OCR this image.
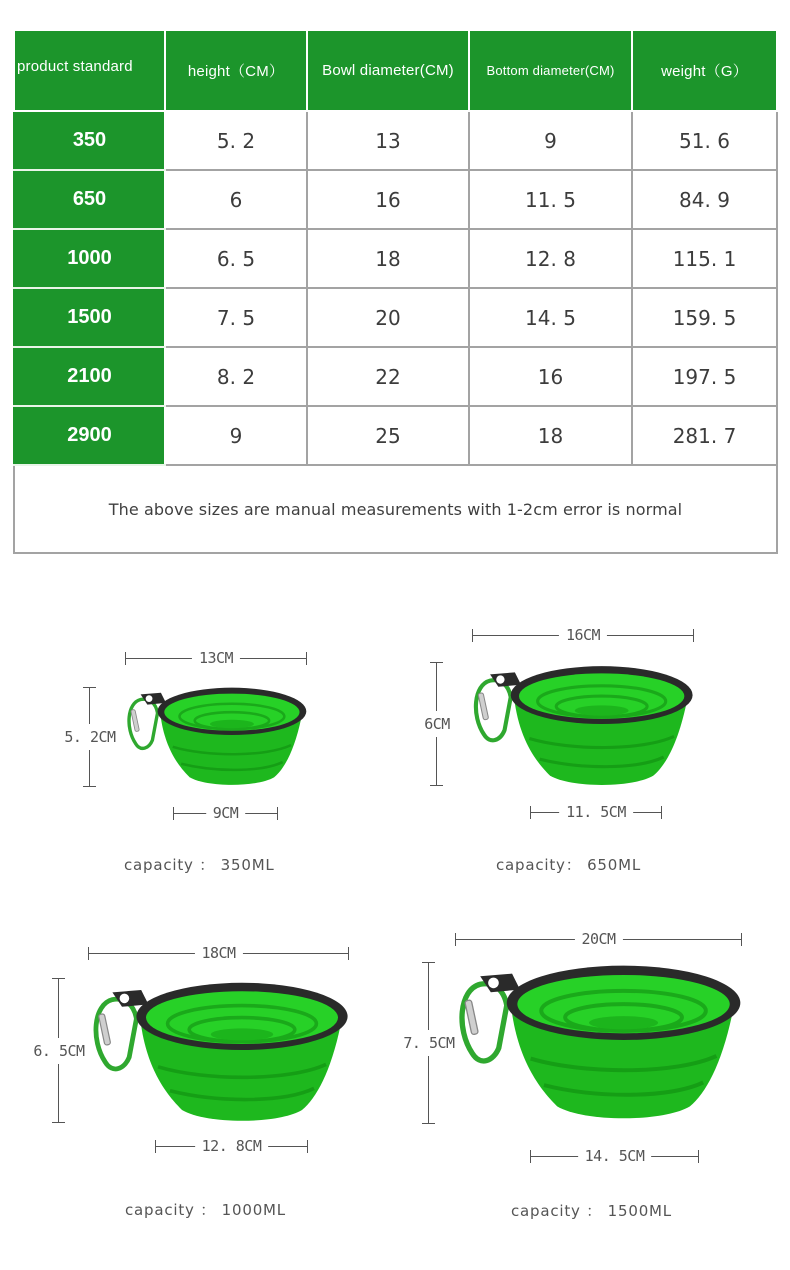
product standard	height（CM）	Bowl diameter(CM)	Bottom diameter(CM)	weight（G）
350	5. 2	13	9	51. 6
650	6	16	11. 5	84. 9
1000	6. 5	18	12. 8	115. 1
1500	7. 5	20	14. 5	159. 5
2100	8. 2	22	16	197. 5
2900	9	25	18	281. 7
The above sizes are manual measurements with 1-2cm error is normal				
13CM
5. 2CM
9CM
capacity ： 350ML
16CM
6CM
11. 5CM
capacity： 650ML
18CM
6. 5CM
12. 8CM
capacity ： 1000ML
20CM
7. 5CM
14. 5CM
capacity ： 1500ML
